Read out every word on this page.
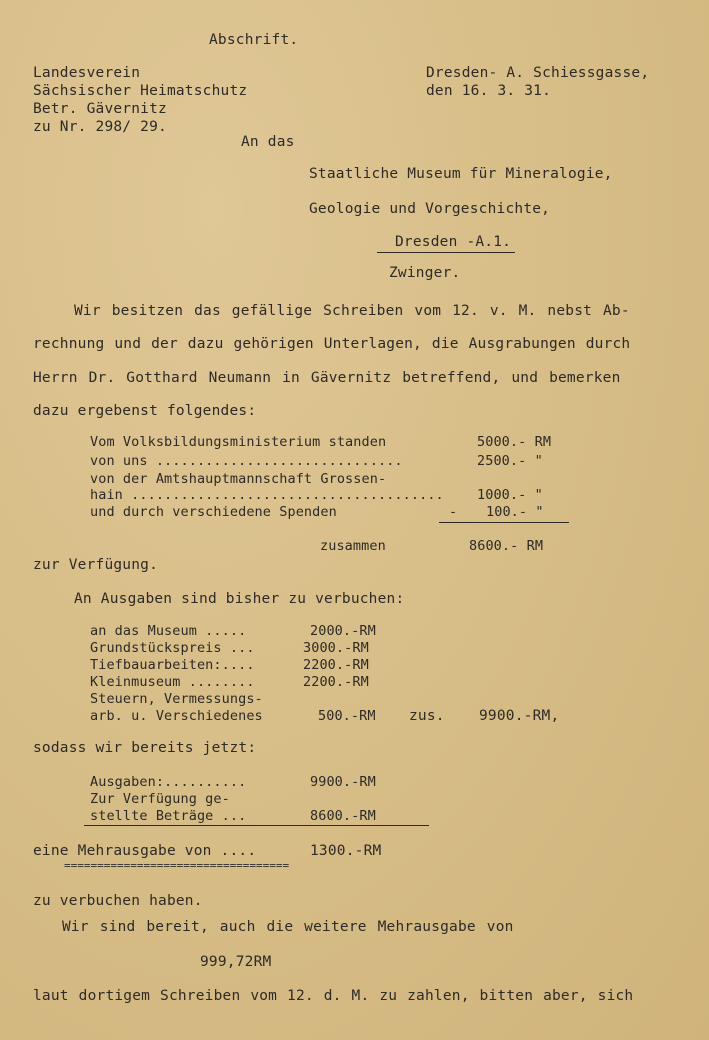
Abschrift.
Landesverein
Sächsischer Heimatschutz
Betr. Gävernitz
zu Nr. 298/ 29.
Dresden- A. Schiessgasse,
den 16. 3. 31.
An das
Staatliche Museum für Mineralogie,
Geologie und Vorgeschichte,
Dresden -A.1.
Zwinger.
Wir besitzen das gefällige Schreiben vom 12. v. M. nebst Ab-
rechnung und der dazu gehörigen Unterlagen, die Ausgrabungen durch
Herrn Dr. Gotthard Neumann in Gävernitz betreffend, und bemerken
dazu ergebenst folgendes:
Vom Volksbildungsministerium standen	5000.- RM
von uns ..............................	2500.- "
von der Amtshauptmannschaft Grossen-
hain ...................................... 1000.- "
und durch verschiedene Spenden	- 100.- "
zusammen	8600.- RM
zur Verfügung.
An Ausgaben sind bisher zu verbuchen:
an das Museum .....	2000.-RM
Grundstückspreis ...	3000.-RM
Tiefbauarbeiten:....	2200.-RM
Kleinmuseum ........	2200.-RM
Steuern, Vermessungs-
arb. u. Verschiedenes	500.-RM zus. 9900.-RM,
sodass wir bereits jetzt:
Ausgaben:..........	9900.-RM
Zur Verfügung ge-
stellte Beträge ...	8600.-RM
eine Mehrausgabe von ....	1300.-RM
==================================
zu verbuchen haben.
Wir sind bereit, auch die weitere Mehrausgabe von
999,72RM
laut dortigem Schreiben vom 12. d. M. zu zahlen, bitten aber, sich
